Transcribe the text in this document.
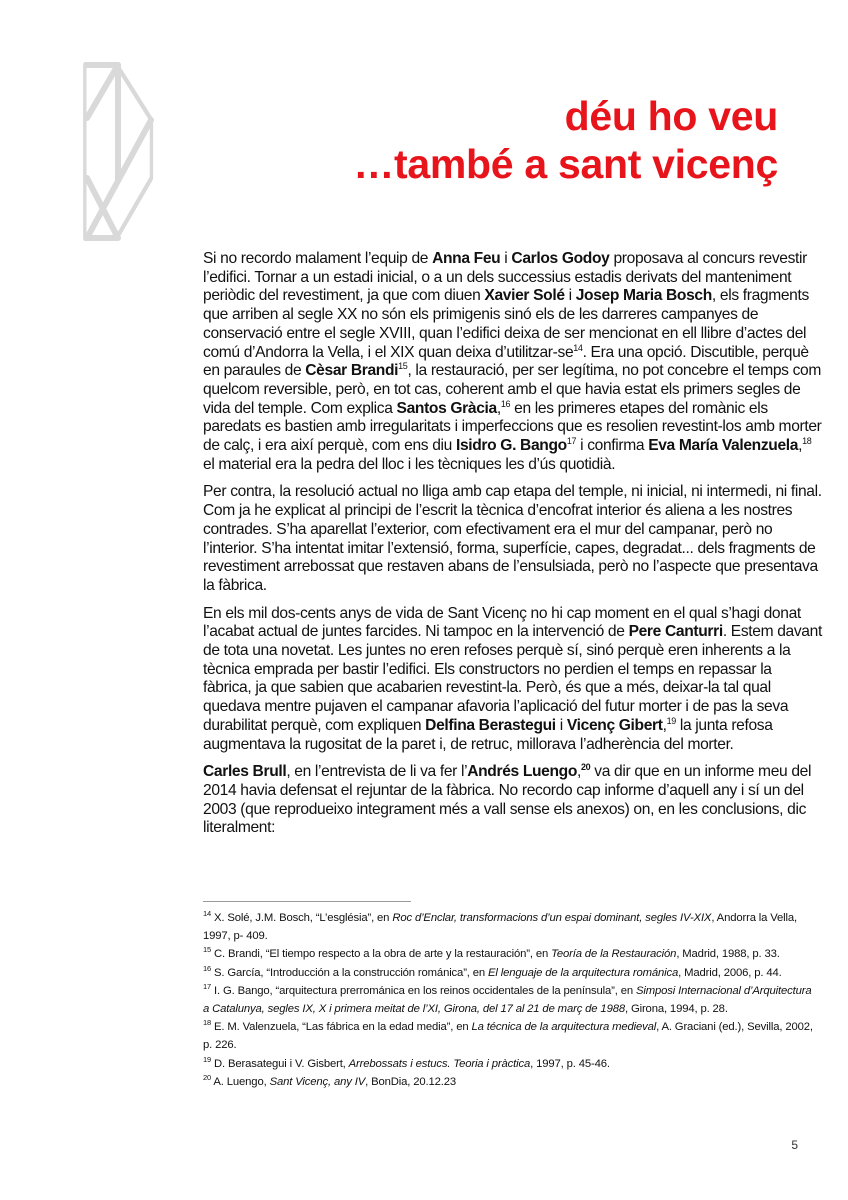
déu ho veu
…també a sant vicenç

Si no recordo malament l’equip de Anna Feu i Carlos Godoy proposava al concurs revestir l’edifici. Tornar a un estadi inicial, o a un dels successius estadis derivats del manteniment periòdic del revestiment, ja que com diuen Xavier Solé i Josep Maria Bosch, els fragments que arriben al segle XX no són els primigenis sinó els de les darreres campanyes de conservació entre el segle XVIII, quan l’edifici deixa de ser mencionat en ell llibre d’actes del comú d’Andorra la Vella, i el XIX quan deixa $d’utilitzar-se^{14}$. Era una opció. Discutible, perquè en paraules de Cèsar Brandi$^{15}$, la restauració, per ser legítima, no pot concebre el temps com quelcom reversible, però, en tot cas, coherent amb el que havia estat els primers segles de vida del temple. Com explica Santos Gràcia,$^{16}$ en les primeres etapes del romànic els paredats es bastien amb irregularitats i imperfeccions que es resolien revestint-los amb morter de calç, i era així perquè, com ens diu Isidro G. Bango$^{17}$ i confirma Eva María Valenzuela,$^{18}$ el material era la pedra del lloc i les tècniques les d’ús quotidià.

Per contra, la resolució actual no lliga amb cap etapa del temple, ni inicial, ni intermedi, ni final. Com ja he explicat al principi de l’escrit la tècnica d’encofrat interior és aliena a les nostres contrades. S’ha aparellat l’exterior, com efectivament era el mur del campanar, però no l’interior. S’ha intentat imitar l’extensió, forma, superfície, capes, degradat... dels fragments de revestiment arrebossat que restaven abans de l’ensulsiada, però no l’aspecte que presentava la fàbrica.

En els mil dos-cents anys de vida de Sant Vicenç no hi cap moment en el qual s’hagi donat l’acabat actual de juntes farcides. Ni tampoc en la intervenció de Pere Canturri. Estem davant de tota una novetat. Les juntes no eren refoses perquè sí, sinó perquè eren inherents a la tècnica emprada per bastir l’edifici. Els constructors no perdien el temps en repassar la fàbrica, ja que sabien que acabarien revestint-la. Però, és que a més, deixar-la tal qual quedava mentre pujaven el campanar afavoria l’aplicació del futur morter i de pas la seva durabilitat perquè, com expliquen Delfina Berastegui i Vicenç Gibert,$^{19}$ la junta refosa augmentava la rugositat de la paret i, de retruc, millorava l’adherència del morter.

Carles Brull, en l’entrevista de li va fer l’Andrés Luengo,$^{20}$ va dir que en un informe meu del 2014 havia defensat el rejuntar de la fàbrica. No recordo cap informe d’aquell any i sí un del 2003 (que reprodueixo integrament més a vall sense els anexos) on, en les conclusions, dic literalment:

$^{14}$ X. Solé, J.M. Bosch, “L’església”, en Roc d’Enclar, transformacions d’un espai dominant, segles IV-XIX, Andorra la Vella, 1997, p- 409.
$^{15}$ C. Brandi, “El tiempo respecto a la obra de arte y la restauración”, en Teoría de la Restauración, Madrid, 1988, p. 33.
$^{16}$ S. García, “Introducción a la construcción románica”, en El lenguaje de la arquitectura románica, Madrid, 2006, p. 44.
$^{17}$ I. G. Bango, “arquitectura prerrománica en los reinos occidentales de la península”, en Simposi Internacional d’Arquitectura a Catalunya, segles IX, X i primera meitat de l’XI, Girona, del 17 al 21 de març de 1988, Girona, 1994, p. 28.
$^{18}$ E. M. Valenzuela, “Las fábrica en la edad media”, en La técnica de la arquitectura medieval, A. Graciani (ed.), Sevilla, 2002, p. 226.
$^{19}$ D. Berasategui i V. Gisbert, Arrebossats i estucs. Teoria i pràctica, 1997, p. 45-46.
$^{20}$ A. Luengo, Sant Vicenç, any IV, BonDia, 20.12.23
5
